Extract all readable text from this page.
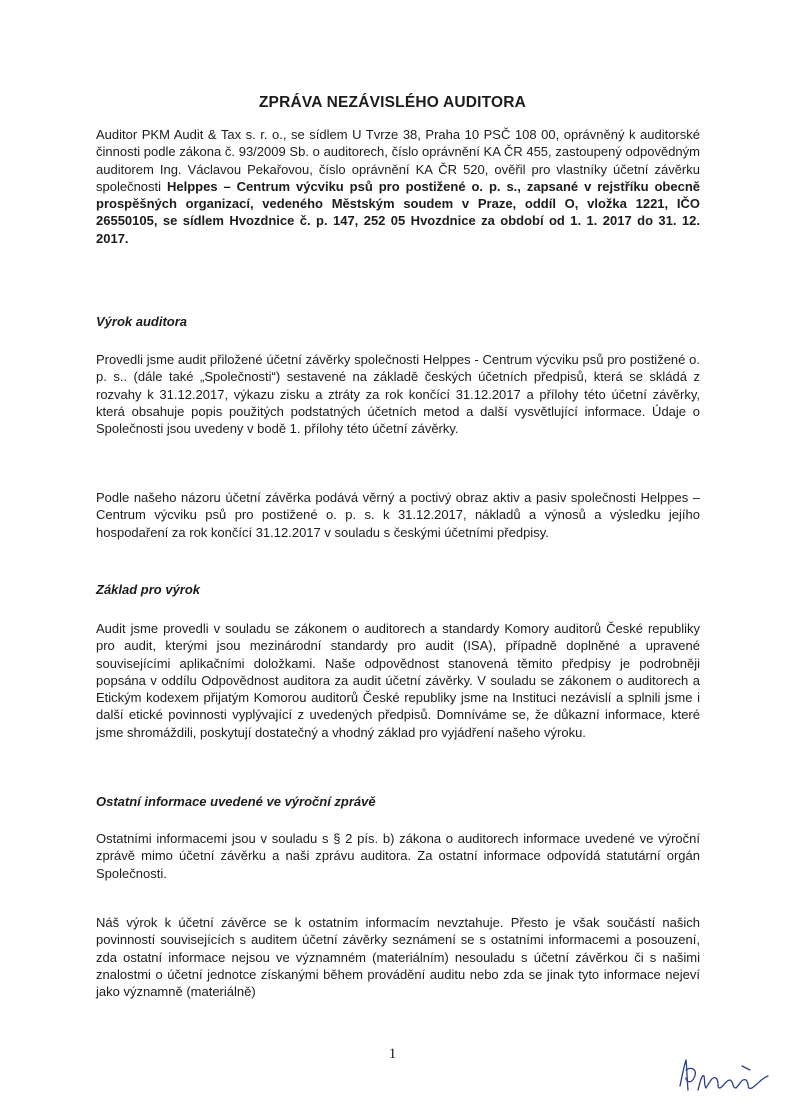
ZPRÁVA NEZÁVISLÉHO AUDITORA

Auditor PKM Audit & Tax s. r. o., se sídlem U Tvrze 38, Praha 10 PSČ 108 00, oprávněný k auditorské činnosti podle zákona č. 93/2009 Sb. o auditorech, číslo oprávnění KA ČR 455, zastoupený odpovědným auditorem Ing. Václavou Pekařovou, číslo oprávnění KA ČR 520, ověřil pro vlastníky účetní závěrku společnosti Helppes – Centrum výcviku psů pro postižené o. p. s., zapsané v rejstříku obecně prospěšných organizací, vedeného Městským soudem v Praze, oddíl O, vložka 1221, IČO 26550105, se sídlem Hvozdnice č. p. 147, 252 05 Hvozdnice za období od 1. 1. 2017 do 31. 12. 2017.

Výrok auditora

Provedli jsme audit přiložené účetní závěrky společnosti Helppes - Centrum výcviku psů pro postižené o. p. s.. (dále také „Společnosti“) sestavené na základě českých účetních předpisů, která se skládá z rozvahy k 31.12.2017, výkazu zisku a ztráty za rok končící 31.12.2017 a přílohy této účetní závěrky, která obsahuje popis použitých podstatných účetních metod a další vysvětlující informace. Údaje o Společnosti jsou uvedeny v bodě 1. přílohy této účetní závěrky.

Podle našeho názoru účetní závěrka podává věrný a poctivý obraz aktiv a pasiv společnosti Helppes – Centrum výcviku psů pro postižené o. p. s. k 31.12.2017, nákladů a výnosů a výsledku jejího hospodaření za rok končící 31.12.2017 v souladu s českými účetními předpisy.

Základ pro výrok

Audit jsme provedli v souladu se zákonem o auditorech a standardy Komory auditorů České republiky pro audit, kterými jsou mezinárodní standardy pro audit (ISA), případně doplněné a upravené souvisejícími aplikačními doložkami. Naše odpovědnost stanovená těmito předpisy je podrobněji popsána v oddílu Odpovědnost auditora za audit účetní závěrky. V souladu se zákonem o auditorech a Etickým kodexem přijatým Komorou auditorů České republiky jsme na Instituci nezávislí a splnili jsme i další etické povinnosti vyplývající z uvedených předpisů. Domníváme se, že důkazní informace, které jsme shromáždili, poskytují dostatečný a vhodný základ pro vyjádření našeho výroku.

Ostatní informace uvedené ve výroční zprávě

Ostatními informacemi jsou v souladu s § 2 pís. b) zákona o auditorech informace uvedené ve výroční zprávě mimo účetní závěrku a naši zprávu auditora. Za ostatní informace odpovídá statutární orgán Společnosti.

Náš výrok k účetní závěrce se k ostatním informacím nevztahuje. Přesto je však součástí našich povinností souvisejících s auditem účetní závěrky seznámení se s ostatními informacemi a posouzení, zda ostatní informace nejsou ve významném (materiálním) nesouladu s účetní závěrkou či s našimi znalostmi o účetní jednotce získanými během provádění auditu nebo zda se jinak tyto informace nejeví jako významně (materiálně)

1
